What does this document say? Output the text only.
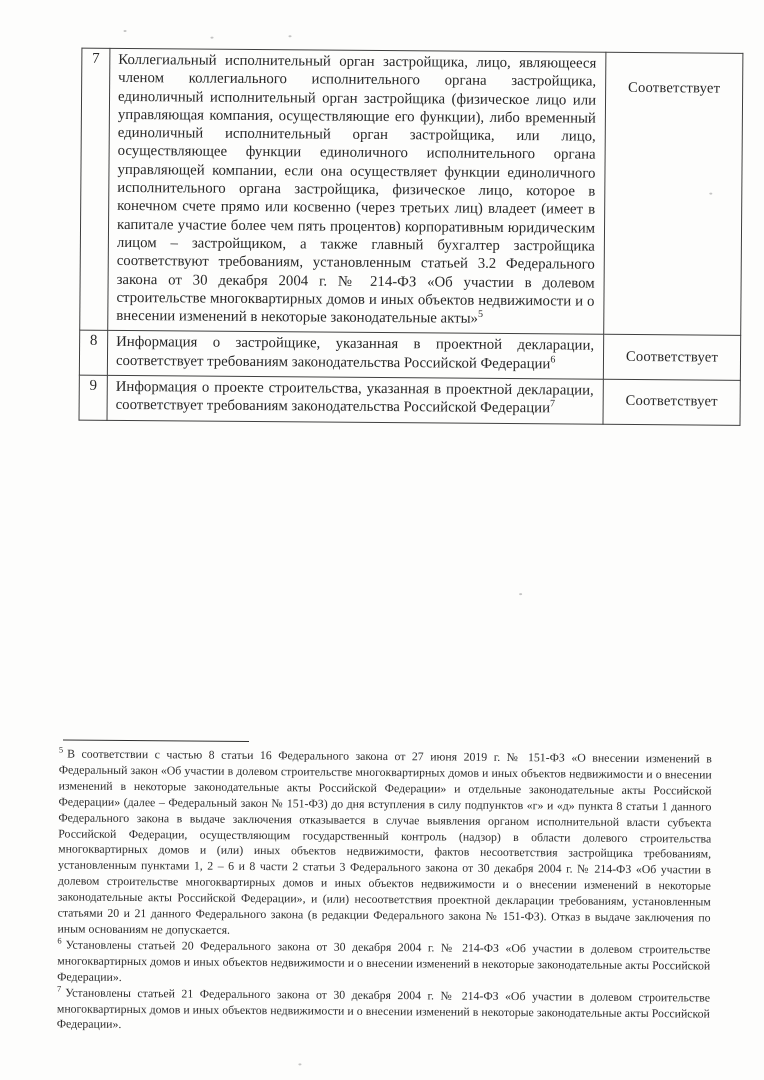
7	Коллегиальный исполнительный орган застройщика, лицо, являющееся членом коллегиального исполнительного органа застройщика, единоличный исполнительный орган застройщика (физическое лицо или управляющая компания, осуществляющие его функции), либо временный единоличный исполнительный орган застройщика, или лицо, осуществляющее функции единоличного исполнительного органа управляющей компании, если она осуществляет функции единоличного исполнительного органа застройщика, физическое лицо, которое в конечном счете прямо или косвенно (через третьих лиц) владеет (имеет в капитале участие более чем пять процентов) корпоративным юридическим лицом – застройщиком, а также главный бухгалтер застройщика соответствуют требованиям, установленным статьей 3.2 Федерального закона от 30 декабря 2004 г. № 214-ФЗ «Об участии в долевом строительстве многоквартирных домов и иных объектов недвижимости и о внесении изменений в некоторые законодательные акты»$^5$	Соответствует
8	Информация о застройщике, указанная в проектной декларации, соответствует требованиям законодательства Российской Федерации$^6$	Соответствует
9	Информация о проекте строительства, указанная в проектной декларации, соответствует требованиям законодательства Российской Федерации$^7$	Соответствует

$^5$ В соответствии с частью 8 статьи 16 Федерального закона от 27 июня 2019 г. № 151-ФЗ «О внесении изменений в Федеральный закон «Об участии в долевом строительстве многоквартирных домов и иных объектов недвижимости и о внесении изменений в некоторые законодательные акты Российской Федерации» и отдельные законодательные акты Российской Федерации» (далее – Федеральный закон № 151-ФЗ) до дня вступления в силу подпунктов «г» и «д» пункта 8 статьи 1 данного Федерального закона в выдаче заключения отказывается в случае выявления органом исполнительной власти субъекта Российской Федерации, осуществляющим государственный контроль (надзор) в области долевого строительства многоквартирных домов и (или) иных объектов недвижимости, фактов несоответствия застройщика требованиям, установленным пунктами 1, 2 – 6 и 8 части 2 статьи 3 Федерального закона от 30 декабря 2004 г. № 214-ФЗ «Об участии в долевом строительстве многоквартирных домов и иных объектов недвижимости и о внесении изменений в некоторые законодательные акты Российской Федерации», и (или) несоответствия проектной декларации требованиям, установленным статьями 20 и 21 данного Федерального закона (в редакции Федерального закона № 151-ФЗ). Отказ в выдаче заключения по иным основаниям не допускается.

$^6$ Установлены статьей 20 Федерального закона от 30 декабря 2004 г. № 214-ФЗ «Об участии в долевом строительстве многоквартирных домов и иных объектов недвижимости и о внесении изменений в некоторые законодательные акты Российской Федерации».

$^7$ Установлены статьей 21 Федерального закона от 30 декабря 2004 г. № 214-ФЗ «Об участии в долевом строительстве многоквартирных домов и иных объектов недвижимости и о внесении изменений в некоторые законодательные акты Российской Федерации».
